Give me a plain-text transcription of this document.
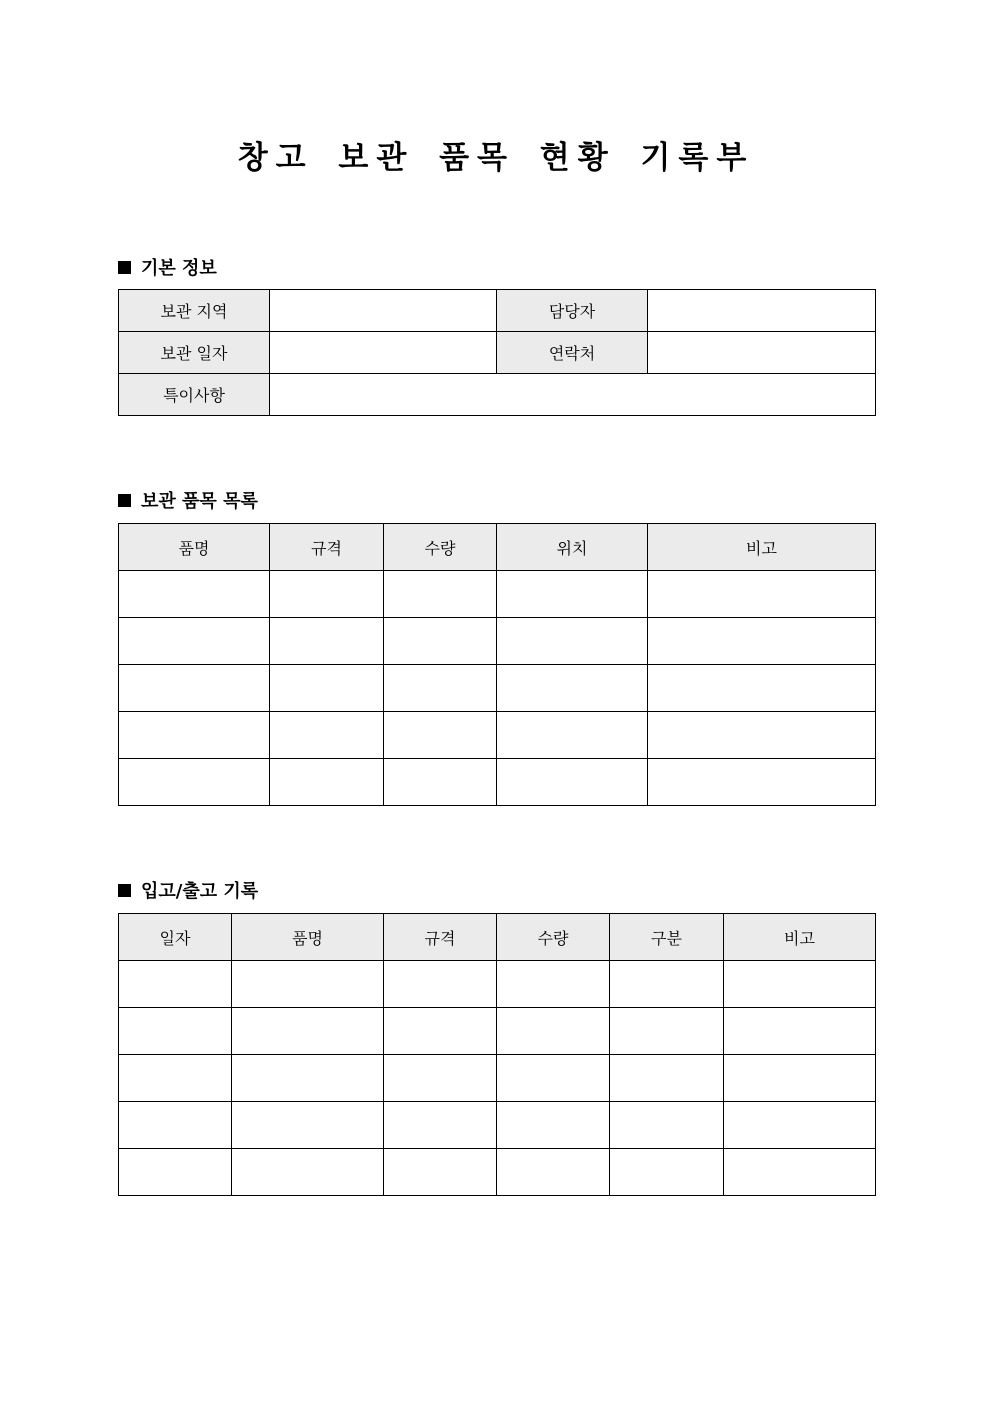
창고 보관 품목 현황 기록부
기본 정보
보관 지역		담당자	
보관 일자		연락처	
특이사항			
보관 품목 목록
품명	규격	수량	위치	비고

입고/출고 기록
일자	품명	규격	수량	구분	비고
